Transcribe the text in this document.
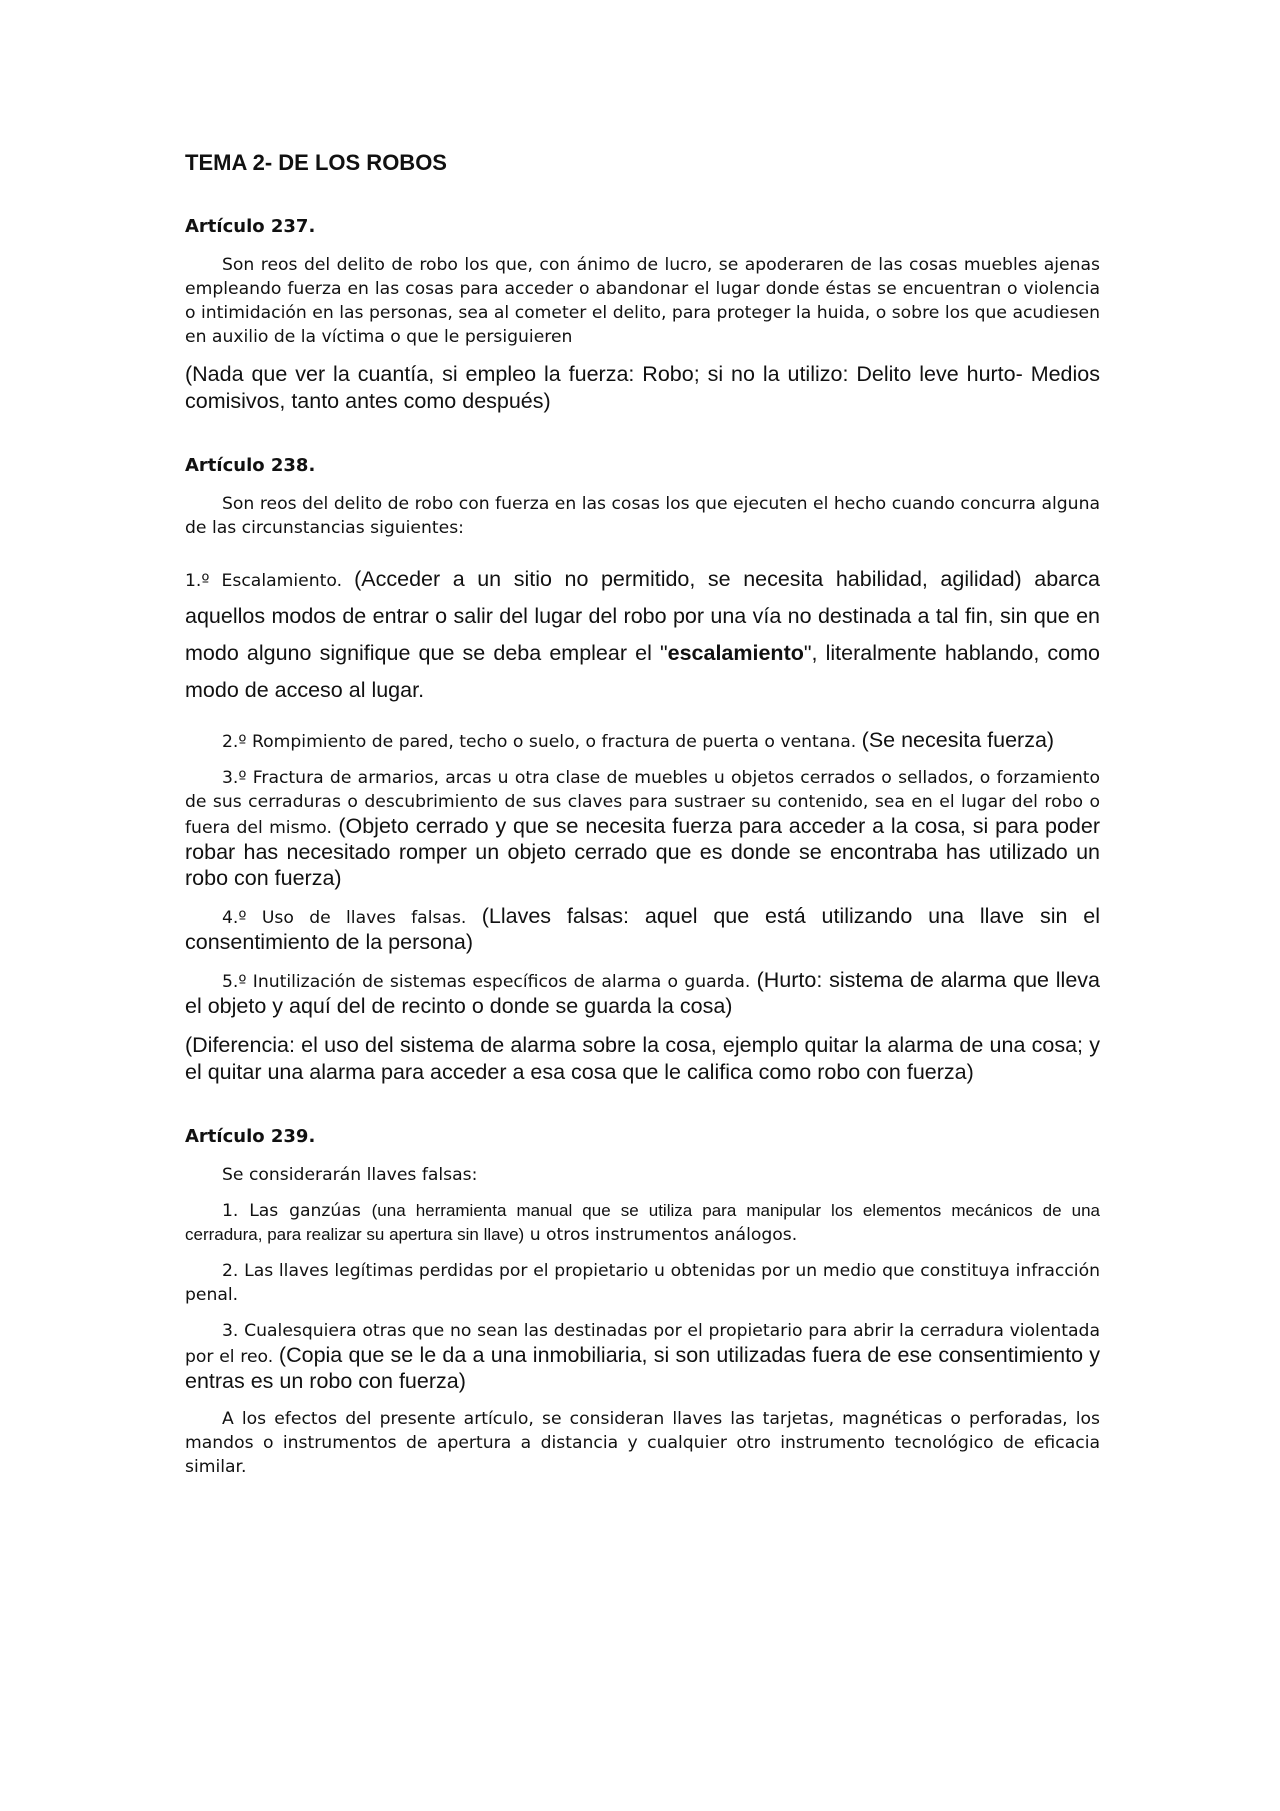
TEMA 2- DE LOS ROBOS
Artículo 237.
Son reos del delito de robo los que, con ánimo de lucro, se apoderaren de las cosas muebles ajenas empleando fuerza en las cosas para acceder o abandonar el lugar donde éstas se encuentran o violencia o intimidación en las personas, sea al cometer el delito, para proteger la huida, o sobre los que acudiesen en auxilio de la víctima o que le persiguieren
(Nada que ver la cuantía, si empleo la fuerza: Robo; si no la utilizo: Delito leve hurto- Medios comisivos, tanto antes como después)
Artículo 238.
Son reos del delito de robo con fuerza en las cosas los que ejecuten el hecho cuando concurra alguna de las circunstancias siguientes:
1.º Escalamiento. (Acceder a un sitio no permitido, se necesita habilidad, agilidad) abarca aquellos modos de entrar o salir del lugar del robo por una vía no destinada a tal fin, sin que en modo alguno signifique que se deba emplear el "escalamiento", literalmente hablando, como modo de acceso al lugar.
2.º Rompimiento de pared, techo o suelo, o fractura de puerta o ventana. (Se necesita fuerza)
3.º Fractura de armarios, arcas u otra clase de muebles u objetos cerrados o sellados, o forzamiento de sus cerraduras o descubrimiento de sus claves para sustraer su contenido, sea en el lugar del robo o fuera del mismo. (Objeto cerrado y que se necesita fuerza para acceder a la cosa, si para poder robar has necesitado romper un objeto cerrado que es donde se encontraba has utilizado un robo con fuerza)
4.º Uso de llaves falsas. (Llaves falsas: aquel que está utilizando una llave sin el consentimiento de la persona)
5.º Inutilización de sistemas específicos de alarma o guarda. (Hurto: sistema de alarma que lleva el objeto y aquí del de recinto o donde se guarda la cosa)
(Diferencia: el uso del sistema de alarma sobre la cosa, ejemplo quitar la alarma de una cosa; y el quitar una alarma para acceder a esa cosa que le califica como robo con fuerza)
Artículo 239.
Se considerarán llaves falsas:
1. Las ganzúas (una herramienta manual que se utiliza para manipular los elementos mecánicos de una cerradura, para realizar su apertura sin llave) u otros instrumentos análogos.
2. Las llaves legítimas perdidas por el propietario u obtenidas por un medio que constituya infracción penal.
3. Cualesquiera otras que no sean las destinadas por el propietario para abrir la cerradura violentada por el reo. (Copia que se le da a una inmobiliaria, si son utilizadas fuera de ese consentimiento y entras es un robo con fuerza)
A los efectos del presente artículo, se consideran llaves las tarjetas, magnéticas o perforadas, los mandos o instrumentos de apertura a distancia y cualquier otro instrumento tecnológico de eficacia similar.
